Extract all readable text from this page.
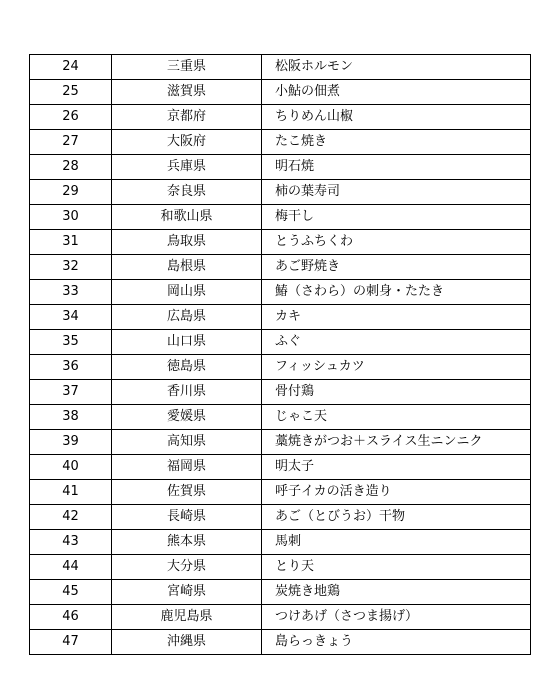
24	三重県	松阪ホルモン
25	滋賀県	小鮎の佃煮
26	京都府	ちりめん山椒
27	大阪府	たこ焼き
28	兵庫県	明石焼
29	奈良県	柿の葉寿司
30	和歌山県	梅干し
31	鳥取県	とうふちくわ
32	島根県	あご野焼き
33	岡山県	鰆（さわら）の刺身・たたき
34	広島県	カキ
35	山口県	ふぐ
36	徳島県	フィッシュカツ
37	香川県	骨付鶏
38	愛媛県	じゃこ天
39	高知県	藁焼きがつお＋スライス生ニンニク
40	福岡県	明太子
41	佐賀県	呼子イカの活き造り
42	長崎県	あご（とびうお）干物
43	熊本県	馬刺
44	大分県	とり天
45	宮崎県	炭焼き地鶏
46	鹿児島県	つけあげ（さつま揚げ）
47	沖縄県	島らっきょう
